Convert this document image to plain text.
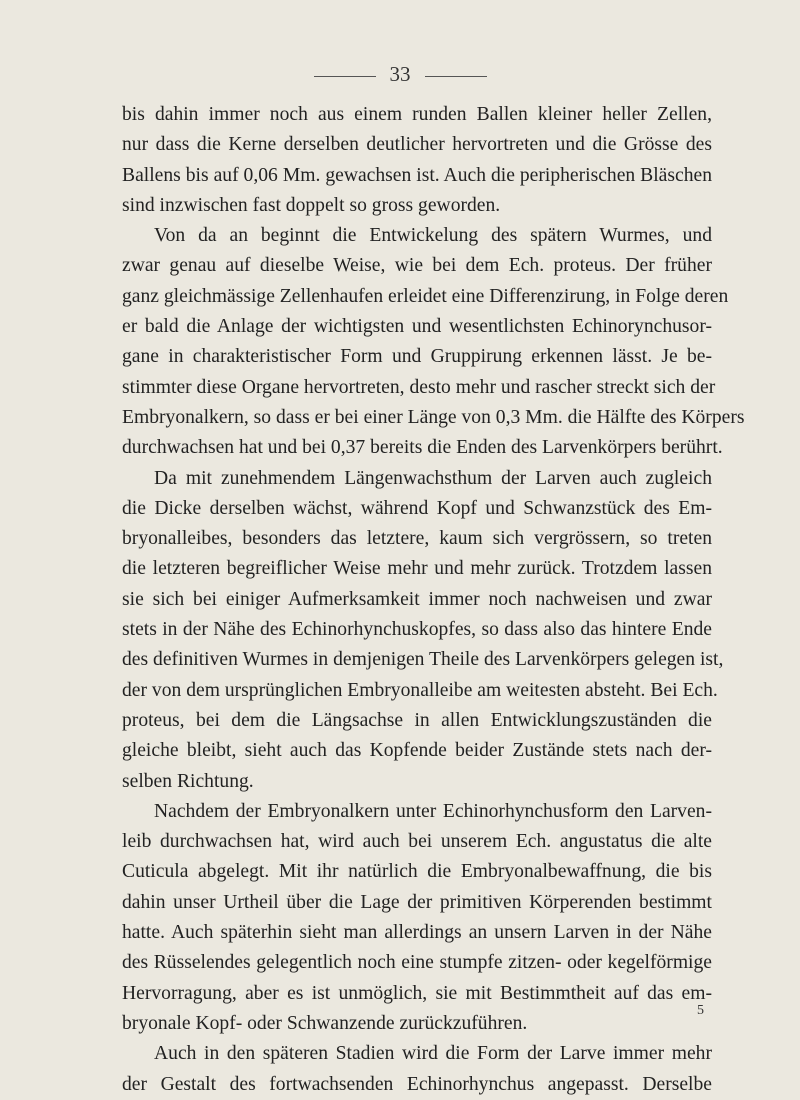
33
bis dahin immer noch aus einem runden Ballen kleiner heller Zellen,
nur dass die Kerne derselben deutlicher hervortreten und die Grösse des
Ballens bis auf 0,06 Mm. gewachsen ist. Auch die peripherischen Bläschen
sind inzwischen fast doppelt so gross geworden.
Von da an beginnt die Entwickelung des spätern Wurmes, und
zwar genau auf dieselbe Weise, wie bei dem Ech. proteus. Der früher
ganz gleichmässige Zellenhaufen erleidet eine Differenzirung, in Folge deren
er bald die Anlage der wichtigsten und wesentlichsten Echinorynchusor-
gane in charakteristischer Form und Gruppirung erkennen lässt. Je be-
stimmter diese Organe hervortreten, desto mehr und rascher streckt sich der
Embryonalkern, so dass er bei einer Länge von 0,3 Mm. die Hälfte des Körpers
durchwachsen hat und bei 0,37 bereits die Enden des Larvenkörpers berührt.
Da mit zunehmendem Längenwachsthum der Larven auch zugleich
die Dicke derselben wächst, während Kopf und Schwanzstück des Em-
bryonalleibes, besonders das letztere, kaum sich vergrössern, so treten
die letzteren begreiflicher Weise mehr und mehr zurück. Trotzdem lassen
sie sich bei einiger Aufmerksamkeit immer noch nachweisen und zwar
stets in der Nähe des Echinorhynchuskopfes, so dass also das hintere Ende
des definitiven Wurmes in demjenigen Theile des Larvenkörpers gelegen ist,
der von dem ursprünglichen Embryonalleibe am weitesten absteht. Bei Ech.
proteus, bei dem die Längsachse in allen Entwicklungszuständen die
gleiche bleibt, sieht auch das Kopfende beider Zustände stets nach der-
selben Richtung.
Nachdem der Embryonalkern unter Echinorhynchusform den Larven-
leib durchwachsen hat, wird auch bei unserem Ech. angustatus die alte
Cuticula abgelegt. Mit ihr natürlich die Embryonalbewaffnung, die bis
dahin unser Urtheil über die Lage der primitiven Körperenden bestimmt
hatte. Auch späterhin sieht man allerdings an unsern Larven in der Nähe
des Rüsselendes gelegentlich noch eine stumpfe zitzen- oder kegelförmige
Hervorragung, aber es ist unmöglich, sie mit Bestimmtheit auf das em-
bryonale Kopf- oder Schwanzende zurückzuführen.
Auch in den späteren Stadien wird die Form der Larve immer mehr
der Gestalt des fortwachsenden Echinorhynchus angepasst. Derselbe
5
